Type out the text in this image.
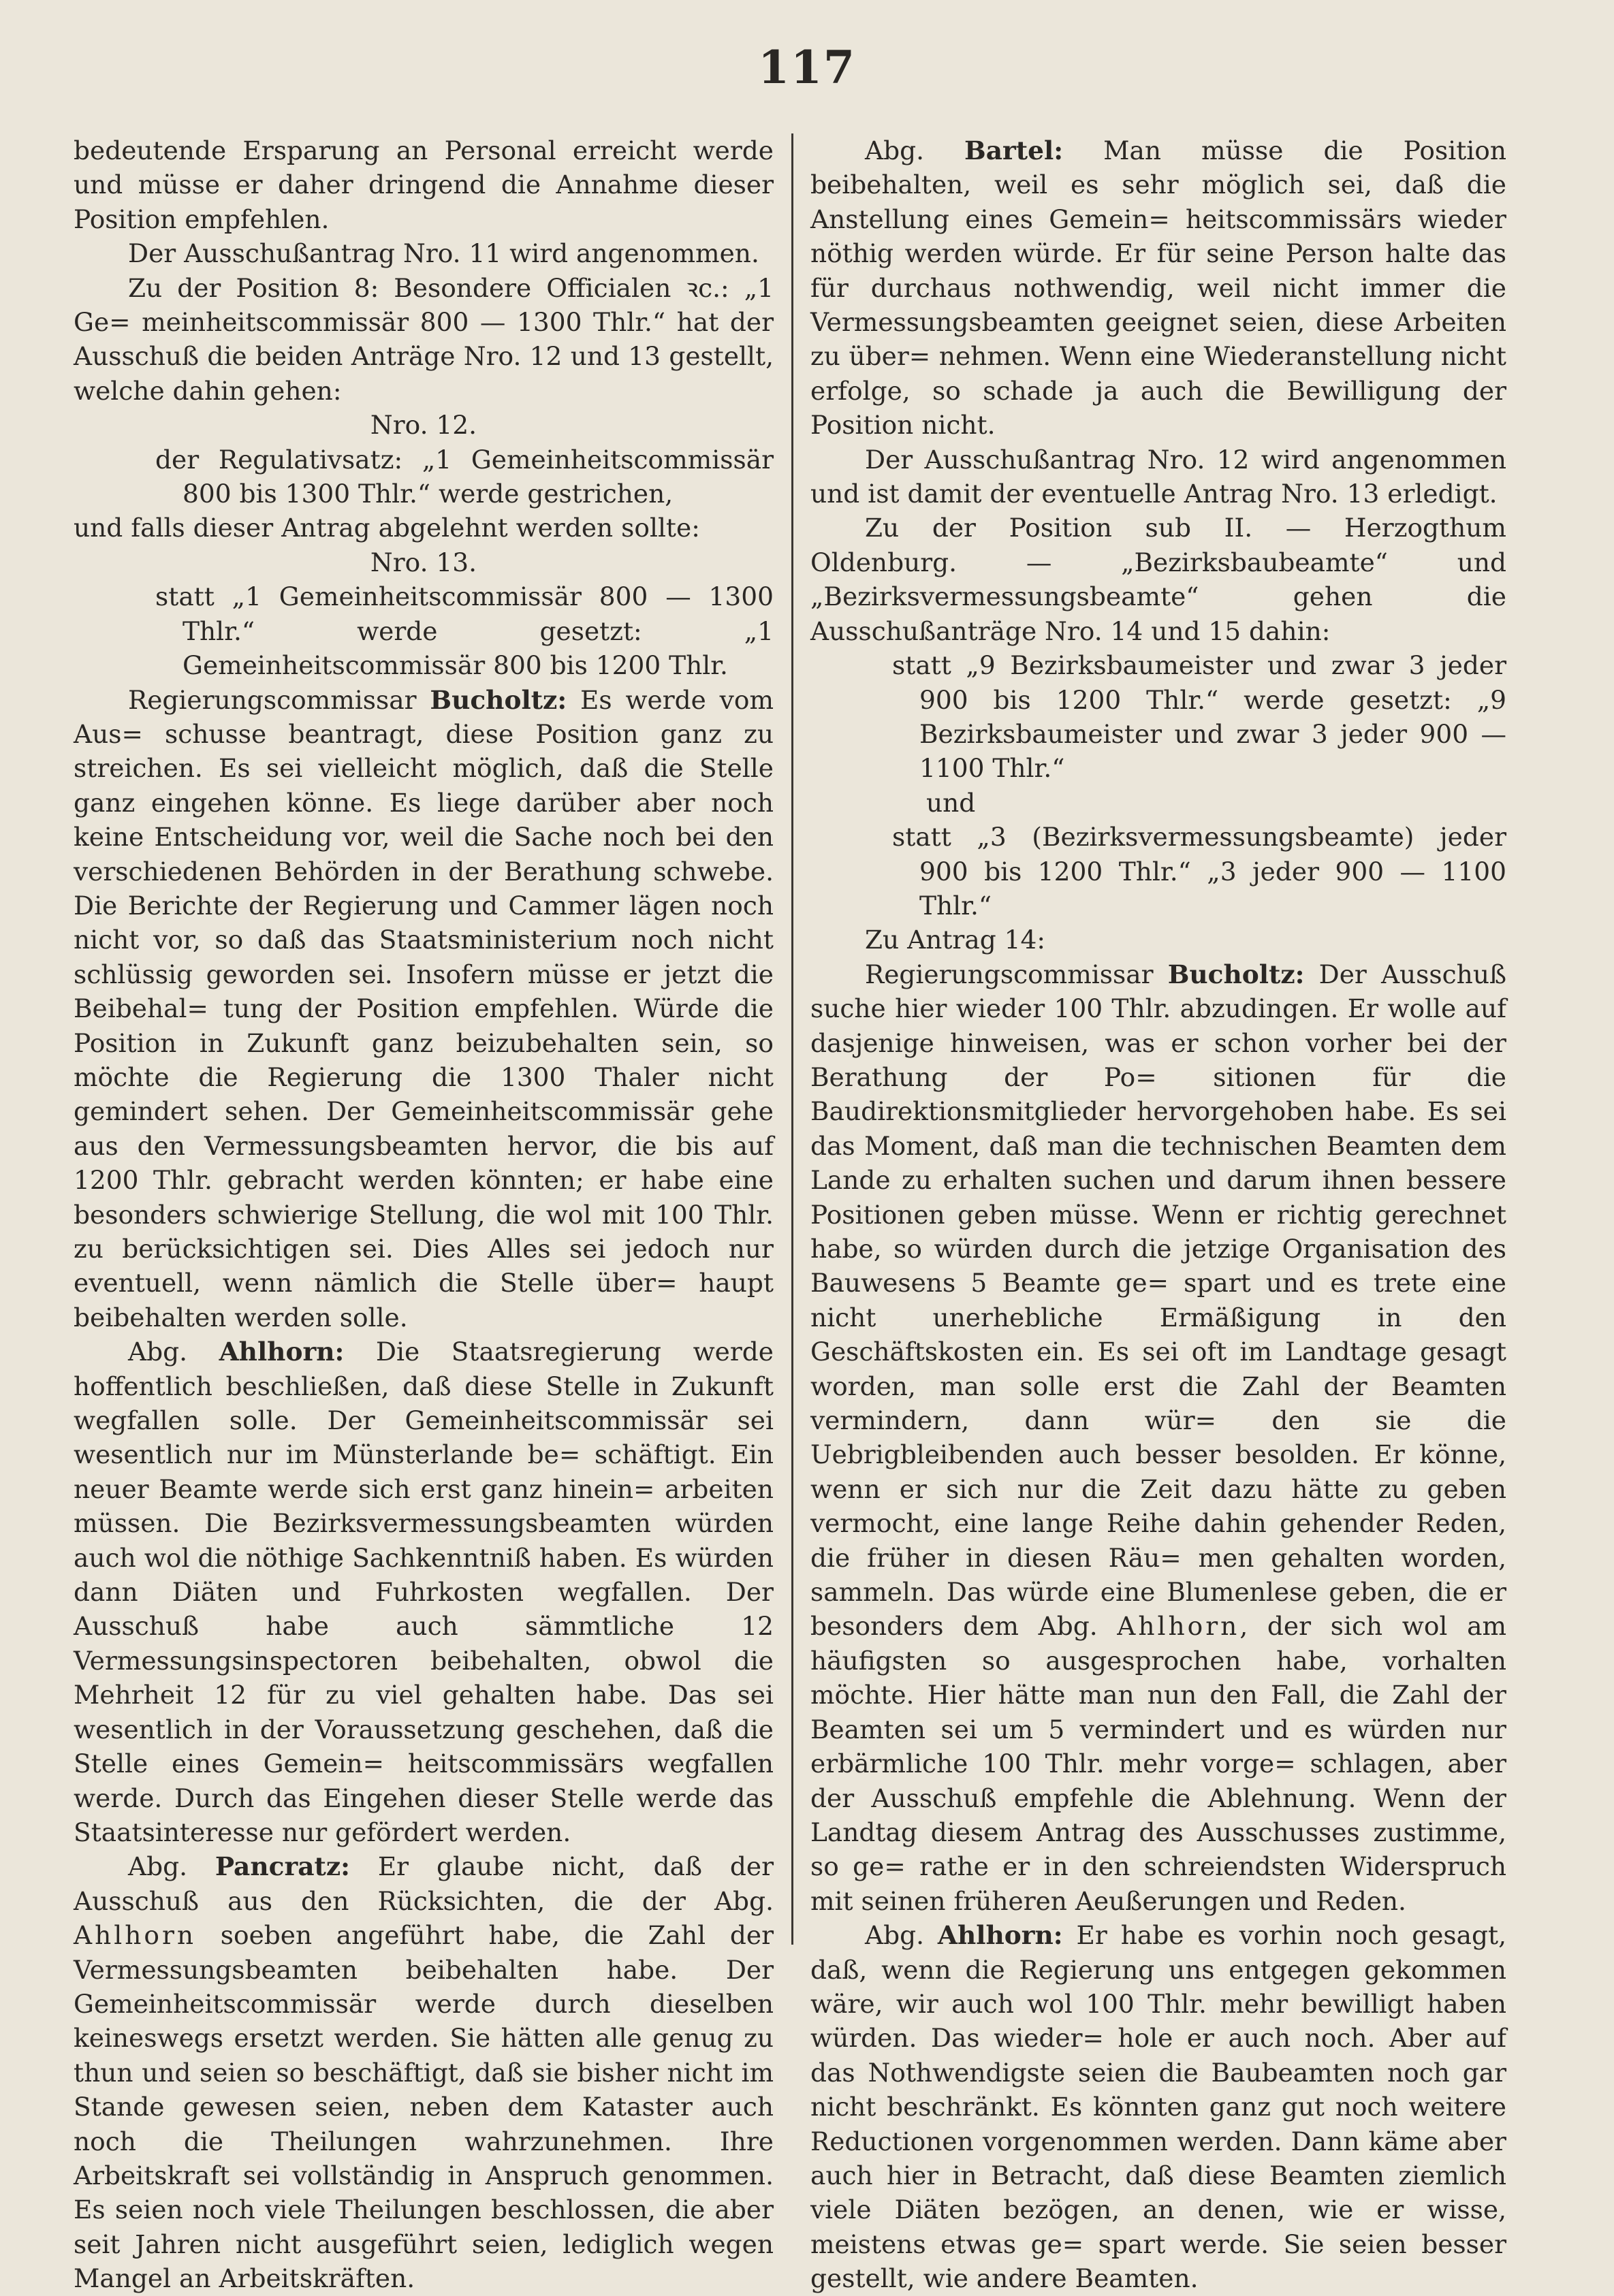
117

bedeutende Ersparung an Personal erreicht werde und müsse er daher dringend die Annahme dieser Position empfehlen.

Der Ausschußantrag Nro. 11 wird angenommen.

Zu der Position 8: Besondere Officialen ꝛc.: „1 Ge= meinheitscommissär 800 — 1300 Thlr.“ hat der Ausschuß die beiden Anträge Nro. 12 und 13 gestellt, welche dahin gehen:

Nro. 12.

der Regulativsatz: „1 Gemeinheitscommissär 800 bis 1300 Thlr.“ werde gestrichen,

und falls dieser Antrag abgelehnt werden sollte:

Nro. 13.

statt „1 Gemeinheitscommissär 800 — 1300 Thlr.“ werde gesetzt: „1 Gemeinheitscommissär 800 bis 1200 Thlr.

Regierungscommissar Bucholtz: Es werde vom Aus= schusse beantragt, diese Position ganz zu streichen. Es sei vielleicht möglich, daß die Stelle ganz eingehen könne. Es liege darüber aber noch keine Entscheidung vor, weil die Sache noch bei den verschiedenen Behörden in der Berathung schwebe. Die Berichte der Regierung und Cammer lägen noch nicht vor, so daß das Staatsministerium noch nicht schlüssig geworden sei. Insofern müsse er jetzt die Beibehal= tung der Position empfehlen. Würde die Position in Zukunft ganz beizubehalten sein, so möchte die Regierung die 1300 Thaler nicht gemindert sehen. Der Gemeinheitscommissär gehe aus den Vermessungsbeamten hervor, die bis auf 1200 Thlr. gebracht werden könnten; er habe eine besonders schwierige Stellung, die wol mit 100 Thlr. zu berücksichtigen sei. Dies Alles sei jedoch nur eventuell, wenn nämlich die Stelle über= haupt beibehalten werden solle.

Abg. Ahlhorn: Die Staatsregierung werde hoffentlich beschließen, daß diese Stelle in Zukunft wegfallen solle. Der Gemeinheitscommissär sei wesentlich nur im Münsterlande be= schäftigt. Ein neuer Beamte werde sich erst ganz hinein= arbeiten müssen. Die Bezirksvermessungsbeamten würden auch wol die nöthige Sachkenntniß haben. Es würden dann Diäten und Fuhrkosten wegfallen. Der Ausschuß habe auch sämmtliche 12 Vermessungsinspectoren beibehalten, obwol die Mehrheit 12 für zu viel gehalten habe. Das sei wesentlich in der Voraussetzung geschehen, daß die Stelle eines Gemein= heitscommissärs wegfallen werde. Durch das Eingehen dieser Stelle werde das Staatsinteresse nur gefördert werden.

Abg. Pancratz: Er glaube nicht, daß der Ausschuß aus den Rücksichten, die der Abg. Ahlhorn soeben angeführt habe, die Zahl der Vermessungsbeamten beibehalten habe. Der Gemeinheitscommissär werde durch dieselben keineswegs ersetzt werden. Sie hätten alle genug zu thun und seien so beschäftigt, daß sie bisher nicht im Stande gewesen seien, neben dem Kataster auch noch die Theilungen wahrzunehmen. Ihre Arbeitskraft sei vollständig in Anspruch genommen. Es seien noch viele Theilungen beschlossen, die aber seit Jahren nicht ausgeführt seien, lediglich wegen Mangel an Arbeitskräften.

Abg. Bartel: Man müsse die Position beibehalten, weil es sehr möglich sei, daß die Anstellung eines Gemein= heitscommissärs wieder nöthig werden würde. Er für seine Person halte das für durchaus nothwendig, weil nicht immer die Vermessungsbeamten geeignet seien, diese Arbeiten zu über= nehmen. Wenn eine Wiederanstellung nicht erfolge, so schade ja auch die Bewilligung der Position nicht.

Der Ausschußantrag Nro. 12 wird angenommen und ist damit der eventuelle Antrag Nro. 13 erledigt.

Zu der Position sub II. — Herzogthum Oldenburg. — „Bezirksbaubeamte“ und „Bezirksvermessungsbeamte“ gehen die Ausschußanträge Nro. 14 und 15 dahin:

statt „9 Bezirksbaumeister und zwar 3 jeder 900 bis 1200 Thlr.“ werde gesetzt: „9 Bezirksbaumeister und zwar 3 jeder 900 — 1100 Thlr.“

und

statt „3 (Bezirksvermessungsbeamte) jeder 900 bis 1200 Thlr.“ „3 jeder 900 — 1100 Thlr.“

Zu Antrag 14:

Regierungscommissar Bucholtz: Der Ausschuß suche hier wieder 100 Thlr. abzudingen. Er wolle auf dasjenige hinweisen, was er schon vorher bei der Berathung der Po= sitionen für die Baudirektionsmitglieder hervorgehoben habe. Es sei das Moment, daß man die technischen Beamten dem Lande zu erhalten suchen und darum ihnen bessere Positionen geben müsse. Wenn er richtig gerechnet habe, so würden durch die jetzige Organisation des Bauwesens 5 Beamte ge= spart und es trete eine nicht unerhebliche Ermäßigung in den Geschäftskosten ein. Es sei oft im Landtage gesagt worden, man solle erst die Zahl der Beamten vermindern, dann wür= den sie die Uebrigbleibenden auch besser besolden. Er könne, wenn er sich nur die Zeit dazu hätte zu geben vermocht, eine lange Reihe dahin gehender Reden, die früher in diesen Räu= men gehalten worden, sammeln. Das würde eine Blumenlese geben, die er besonders dem Abg. Ahlhorn, der sich wol am häufigsten so ausgesprochen habe, vorhalten möchte. Hier hätte man nun den Fall, die Zahl der Beamten sei um 5 vermindert und es würden nur erbärmliche 100 Thlr. mehr vorge= schlagen, aber der Ausschuß empfehle die Ablehnung. Wenn der Landtag diesem Antrag des Ausschusses zustimme, so ge= rathe er in den schreiendsten Widerspruch mit seinen früheren Aeußerungen und Reden.

Abg. Ahlhorn: Er habe es vorhin noch gesagt, daß, wenn die Regierung uns entgegen gekommen wäre, wir auch wol 100 Thlr. mehr bewilligt haben würden. Das wieder= hole er auch noch. Aber auf das Nothwendigste seien die Baubeamten noch gar nicht beschränkt. Es könnten ganz gut noch weitere Reductionen vorgenommen werden. Dann käme aber auch hier in Betracht, daß diese Beamten ziemlich viele Diäten bezögen, an denen, wie er wisse, meistens etwas ge= spart werde. Sie seien besser gestellt, wie andere Beamten.
